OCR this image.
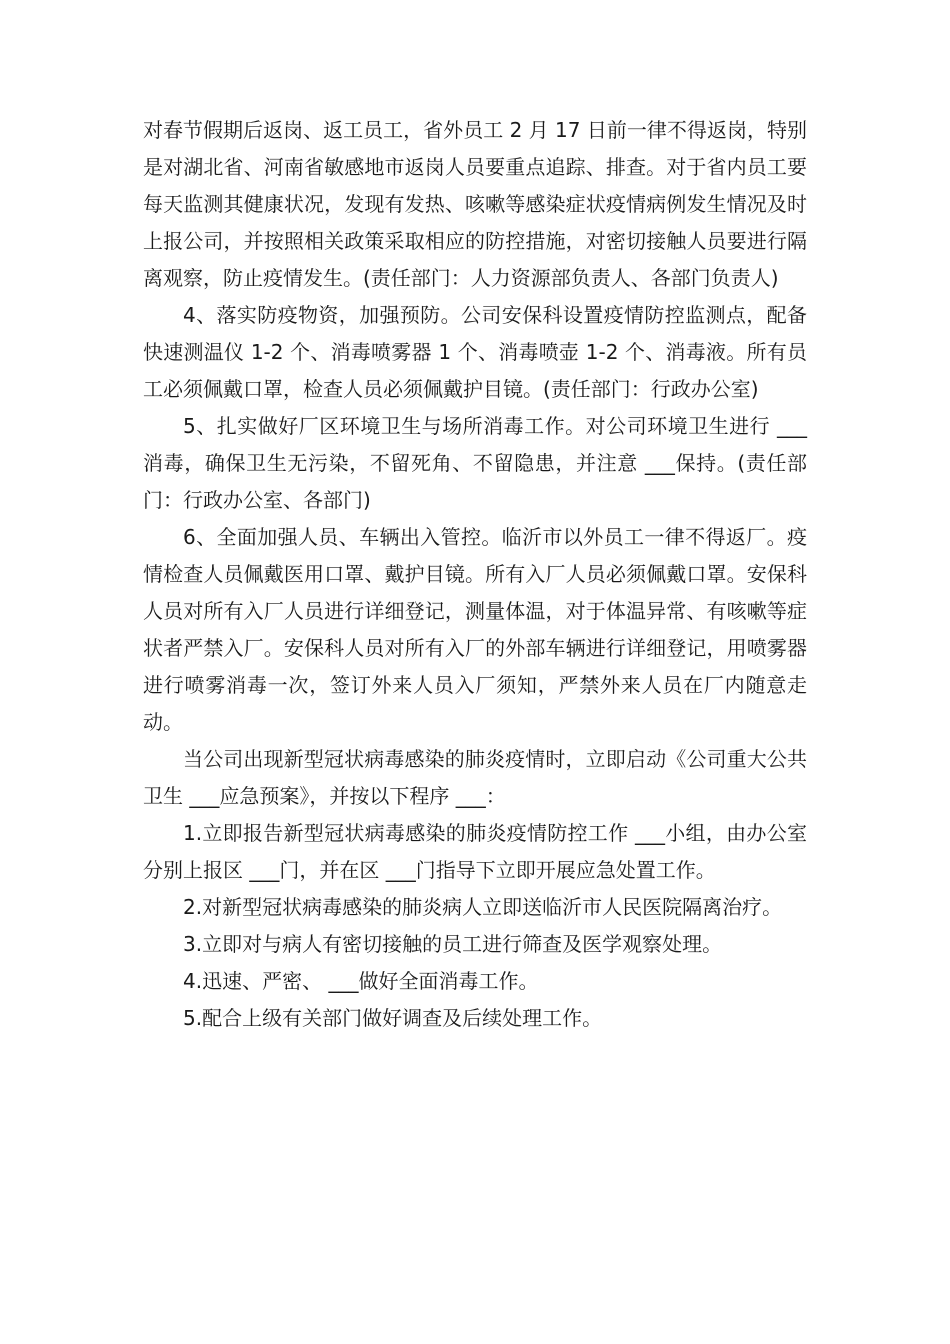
对春节假期后返岗、返工员工，省外员工 2 月 17 日前一律不得返岗，特别是对湖北省、河南省敏感地市返岗人员要重点追踪、排查。对于省内员工要每天监测其健康状况，发现有发热、咳嗽等感染症状疫情病例发生情况及时上报公司，并按照相关政策采取相应的防控措施，对密切接触人员要进行隔离观察，防止疫情发生。(责任部门：人力资源部负责人、各部门负责人)

4、落实防疫物资，加强预防。公司安保科设置疫情防控监测点，配备快速测温仪 1-2 个、消毒喷雾器 1 个、消毒喷壶 1-2 个、消毒液。所有员工必须佩戴口罩，检查人员必须佩戴护目镜。(责任部门：行政办公室)

5、扎实做好厂区环境卫生与场所消毒工作。对公司环境卫生进行 ___消毒，确保卫生无污染，不留死角、不留隐患，并注意 ___保持。(责任部门：行政办公室、各部门)

6、全面加强人员、车辆出入管控。临沂市以外员工一律不得返厂。疫情检查人员佩戴医用口罩、戴护目镜。所有入厂人员必须佩戴口罩。安保科人员对所有入厂人员进行详细登记，测量体温，对于体温异常、有咳嗽等症状者严禁入厂。安保科人员对所有入厂的外部车辆进行详细登记，用喷雾器进行喷雾消毒一次，签订外来人员入厂须知，严禁外来人员在厂内随意走动。

当公司出现新型冠状病毒感染的肺炎疫情时，立即启动《公司重大公共卫生 ___应急预案》，并按以下程序 ___：

1.立即报告新型冠状病毒感染的肺炎疫情防控工作 ___小组，由办公室分别上报区 ___门，并在区 ___门指导下立即开展应急处置工作。

2.对新型冠状病毒感染的肺炎病人立即送临沂市人民医院隔离治疗。

3.立即对与病人有密切接触的员工进行筛查及医学观察处理。

4.迅速、严密、 ___做好全面消毒工作。

5.配合上级有关部门做好调查及后续处理工作。
